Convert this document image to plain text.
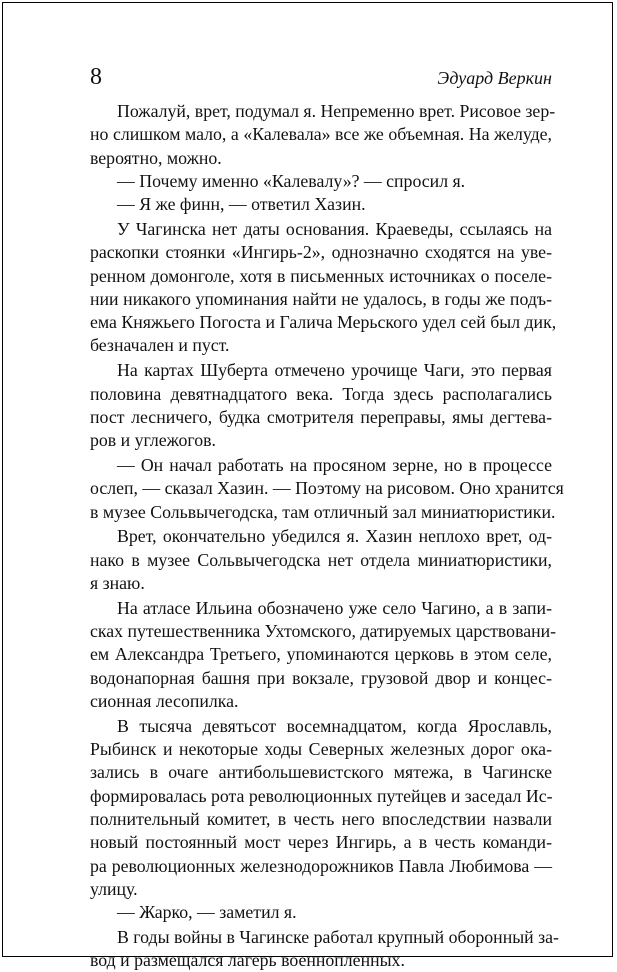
8	Эдуард Веркин
Пожалуй, врет, подумал я. Непременно врет. Рисовое зер-
но слишком мало, а «Калевала» все же объемная. На желуде,
вероятно, можно.
— Почему именно «Калевалу»? — спросил я.
— Я же финн, — ответил Хазин.
У Чагинска нет даты основания. Краеведы, ссылаясь на
раскопки стоянки «Ингирь-2», однозначно сходятся на уве-
ренном домонголе, хотя в письменных источниках о поселе-
нии никакого упоминания найти не удалось, в годы же подъ-
ема Княжьего Погоста и Галича Мерьского удел сей был дик,
безначален и пуст.
На картах Шуберта отмечено урочище Чаги, это первая
половина девятнадцатого века. Тогда здесь располагались
пост лесничего, будка смотрителя переправы, ямы дегтева-
ров и углежогов.
— Он начал работать на просяном зерне, но в процессе
ослеп, — сказал Хазин. — Поэтому на рисовом. Оно хранится
в музее Сольвычегодска, там отличный зал миниатюристики.
Врет, окончательно убедился я. Хазин неплохо врет, од-
нако в музее Сольвычегодска нет отдела миниатюристики,
я знаю.
На атласе Ильина обозначено уже село Чагино, а в запи-
сках путешественника Ухтомского, датируемых царствовани-
ем Александра Третьего, упоминаются церковь в этом селе,
водонапорная башня при вокзале, грузовой двор и концес-
сионная лесопилка.
В тысяча девятьсот восемнадцатом, когда Ярославль,
Рыбинск и некоторые ходы Северных железных дорог ока-
зались в очаге антибольшевистского мятежа, в Чагинске
формировалась рота революционных путейцев и заседал Ис-
полнительный комитет, в честь него впоследствии назвали
новый постоянный мост через Ингирь, а в честь команди-
ра революционных железнодорожников Павла Любимова —
улицу.
— Жарко, — заметил я.
В годы войны в Чагинске работал крупный оборонный за-
вод и размещался лагерь военнопленных.
